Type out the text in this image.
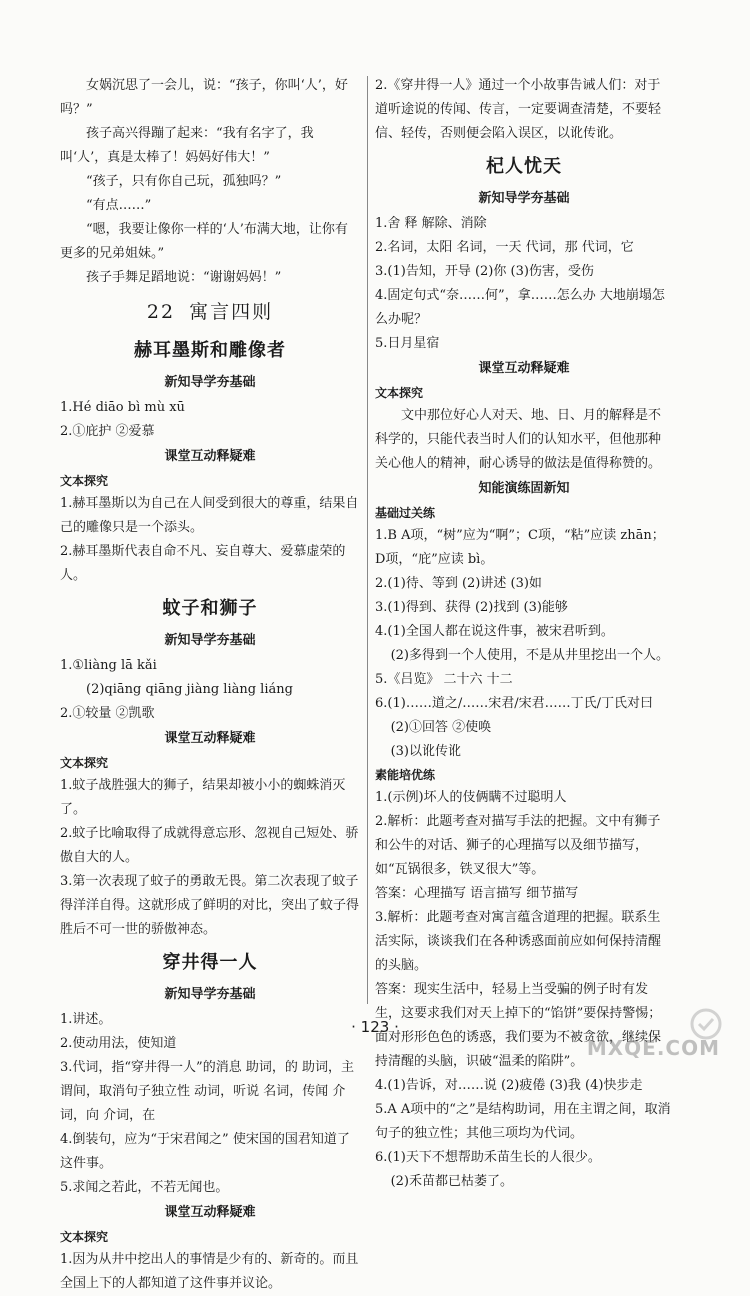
女娲沉思了一会儿，说：“孩子，你叫‘人’，好吗？”

孩子高兴得蹦了起来：“我有名字了，我叫‘人’，真是太棒了！妈妈好伟大！”

“孩子，只有你自己玩，孤独吗？”

“有点……”

“嗯，我要让像你一样的‘人’布满大地，让你有更多的兄弟姐妹。”

孩子手舞足蹈地说：“谢谢妈妈！”

22 寓言四则
赫耳墨斯和雕像者
新知导学夯基础

1.Hé diāo bì mù xū

2.①庇护 ②爱慕

课堂互动释疑难
文本探究

1.赫耳墨斯以为自己在人间受到很大的尊重，结果自己的雕像只是一个添头。

2.赫耳墨斯代表自命不凡、妄自尊大、爱慕虚荣的人。

蚊子和狮子
新知导学夯基础

1.①liàng lā kǎi

(2)qiāng qiāng jiàng liàng liáng

2.①较量 ②凯歌

课堂互动释疑难
文本探究

1.蚊子战胜强大的狮子，结果却被小小的蜘蛛消灭了。

2.蚊子比喻取得了成就得意忘形、忽视自己短处、骄傲自大的人。

3.第一次表现了蚊子的勇敢无畏。第二次表现了蚊子得洋洋自得。这就形成了鲜明的对比，突出了蚊子得胜后不可一世的骄傲神态。

穿井得一人
新知导学夯基础

1.讲述。

2.使动用法，使知道

3.代词，指“穿井得一人”的消息 助词，的 助词，主谓间，取消句子独立性 动词，听说 名词，传闻 介词，向 介词，在

4.倒装句，应为“于宋君闻之” 使宋国的国君知道了这件事。

5.求闻之若此，不若无闻也。

课堂互动释疑难
文本探究

1.因为从井中挖出人的事情是少有的、新奇的。而且全国上下的人都知道了这件事并议论。

2.《穿井得一人》通过一个小故事告诫人们：对于道听途说的传闻、传言，一定要调查清楚，不要轻信、轻传，否则便会陷入误区，以讹传讹。

杞人忧天
新知导学夯基础

1.舍 释 解除、消除

2.名词，太阳 名词，一天 代词，那 代词，它

3.(1)告知，开导 (2)你 (3)伤害，受伤

4.固定句式“奈……何”，拿……怎么办 大地崩塌怎么办呢？

5.日月星宿

课堂互动释疑难
文本探究

文中那位好心人对天、地、日、月的解释是不科学的，只能代表当时人们的认知水平，但他那种关心他人的精神，耐心诱导的做法是值得称赞的。

知能演练固新知
基础过关练

1.B A项，“树”应为“啊”；C项，“粘”应读 zhān；D项，“庇”应读 bì。

2.(1)待、等到 (2)讲述 (3)如

3.(1)得到、获得 (2)找到 (3)能够

4.(1)全国人都在说这件事，被宋君听到。

(2)多得到一个人使用，不是从井里挖出一个人。

5.《吕览》 二十六 十二

6.(1)……道之/……宋君/宋君……丁氏/丁氏对曰

(2)①回答 ②使唤

(3)以讹传讹

素能培优练

1.(示例)坏人的伎俩瞒不过聪明人

2.解析：此题考查对描写手法的把握。文中有狮子和公牛的对话、狮子的心理描写以及细节描写，如“瓦锅很多，铁叉很大”等。

答案：心理描写 语言描写 细节描写

3.解析：此题考查对寓言蕴含道理的把握。联系生活实际，谈谈我们在各种诱惑面前应如何保持清醒的头脑。

答案：现实生活中，轻易上当受骗的例子时有发生，这要求我们对天上掉下的“馅饼”要保持警惕；面对形形色色的诱惑，我们要为不被贪欲，继续保持清醒的头脑，识破“温柔的陷阱”。

4.(1)告诉，对……说 (2)疲倦 (3)我 (4)快步走

5.A A项中的“之”是结构助词，用在主谓之间，取消句子的独立性；其他三项均为代词。

6.(1)天下不想帮助禾苗生长的人很少。

(2)禾苗都已枯萎了。

· 123 ·
MXQE.COM
